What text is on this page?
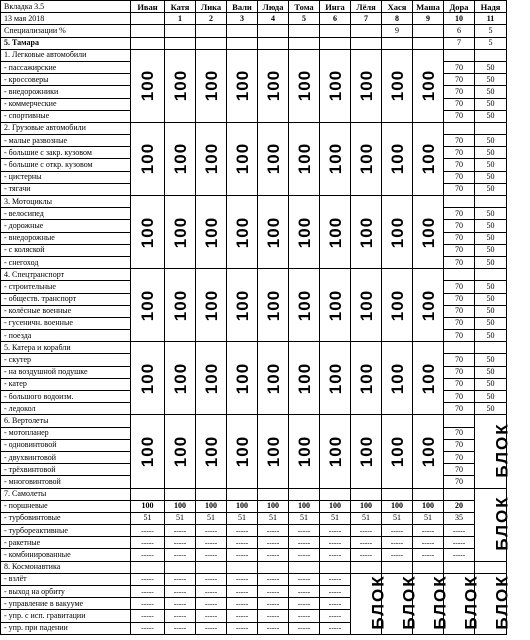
Вкладка 3.5	Иван	Катя	Лика	Вали	Люда	Тома	Инга	Лёля	Хася	Маша	Дора	Надя
13 мая 2018		1	2	3	4	5	6	7	8	9	10	11
Специализации %									9		6	5
5. Тамара											7	5
1. Легковые автомобили	100	100	100	100	100	100	100	100	100	100		
- пассажирские											70	50
- кроссоверы											70	50
- внедорожники											70	50
- коммерческие											70	50
- спортивные											70	50
2. Грузовые автомобили	100	100	100	100	100	100	100	100	100	100		
- малые развозные											70	50
- большие с закр. кузовом											70	50
- большие с откр. кузовом											70	50
- цистерны											70	50
- тягачи											70	50
3. Мотоциклы	100	100	100	100	100	100	100	100	100	100		
- велосипед											70	50
- дорожные											70	50
- внедорожные											70	50
- с коляской											70	50
- снегоход											70	50
4. Спецтранспорт	100	100	100	100	100	100	100	100	100	100		
- строительные											70	50
- обществ. транспорт											70	50
- колёсные военные											70	50
- гусеничн. военные											70	50
- поезда											70	50
5. Катера и корабли	100	100	100	100	100	100	100	100	100	100		
- скутер											70	50
- на воздушной подушке											70	50
- катер											70	50
- большого водоизм.											70	50
- ледокол											70	50
6. Вертолеты	100	100	100	100	100	100	100	100	100	100		БЛОК
- мотопланер											70	
- одновинтовой											70	
- двухвинтовой											70	
- трёхвинтовой											70	
- многовинтовой											70	
7. Самолеты												БЛОК
- поршневые	100	100	100	100	100	100	100	100	100	100	20	
- турбовинтовые	51	51	51	51	51	51	51	51	51	51	35	
- турбореактивные	-----	-----	-----	-----	-----	-----	-----	-----	-----	-----	-----	
- ракетные	-----	-----	-----	-----	-----	-----	-----	-----	-----	-----	-----	
- комбинированные	-----	-----	-----	-----	-----	-----	-----	-----	-----	-----	-----	
8. Космонавтика												
- взлёт	-----	-----	-----	-----	-----	-----	-----	БЛОК	БЛОК	БЛОК	БЛОК	БЛОК
- выход на орбиту	-----	-----	-----	-----	-----	-----	-----					
- управление в вакууме	-----	-----	-----	-----	-----	-----	-----					
- упр. с исп. гравитации	-----	-----	-----	-----	-----	-----	-----					
- упр. при падении	-----	-----	-----	-----	-----	-----	-----					
